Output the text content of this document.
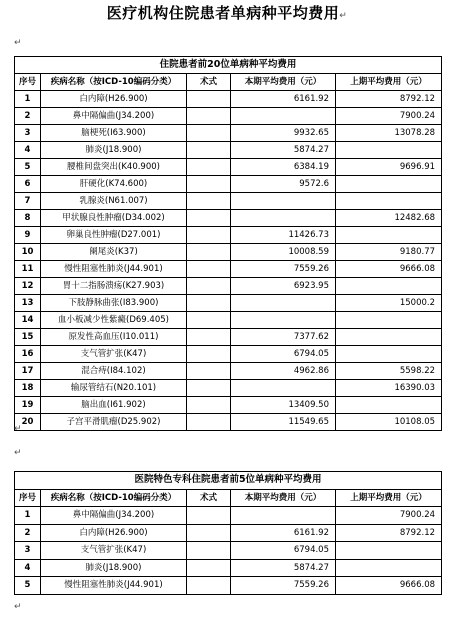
医疗机构住院患者单病种平均费用↵
↵
住院患者前20位单病种平均费用				
序号	疾病名称（按ICD-10编码分类）	术式	本期平均费用（元）	上期平均费用（元）
1	白内障(H26.900)		6161.92	8792.12
2	鼻中隔偏曲(J34.200)			7900.24
3	脑梗死(I63.900)		9932.65	13078.28
4	肺炎(J18.900)		5874.27	
5	腰椎间盘突出(K40.900)		6384.19	9696.91
6	肝硬化(K74.600)		9572.6	
7	乳腺炎(N61.007)			
8	甲状腺良性肿瘤(D34.002)			12482.68
9	卵巢良性肿瘤(D27.001)		11426.73	
10	阑尾炎(K37)		10008.59	9180.77
11	慢性阻塞性肺炎(J44.901)		7559.26	9666.08
12	胃十二指肠溃疡(K27.903)		6923.95	
13	下肢静脉曲张(I83.900)			15000.2
14	血小板减少性紫癜(D69.405)			
15	原发性高血压(I10.011)		7377.62	
16	支气管扩张(K47)		6794.05	
17	混合痔(I84.102)		4962.86	5598.22
18	输尿管结石(N20.101)			16390.03
19	脑出血(I61.902)		13409.50	
20	子宫平滑肌瘤(D25.902)		11549.65	10108.05
↵
↵
医院特色专科住院患者前5位单病种平均费用				
序号	疾病名称（按ICD-10编码分类）	术式	本期平均费用（元）	上期平均费用（元）
1	鼻中隔偏曲(J34.200)			7900.24
2	白内障(H26.900)		6161.92	8792.12
3	支气管扩张(K47)		6794.05	
4	肺炎(J18.900)		5874.27	
5	慢性阻塞性肺炎(J44.901)		7559.26	9666.08
↵
